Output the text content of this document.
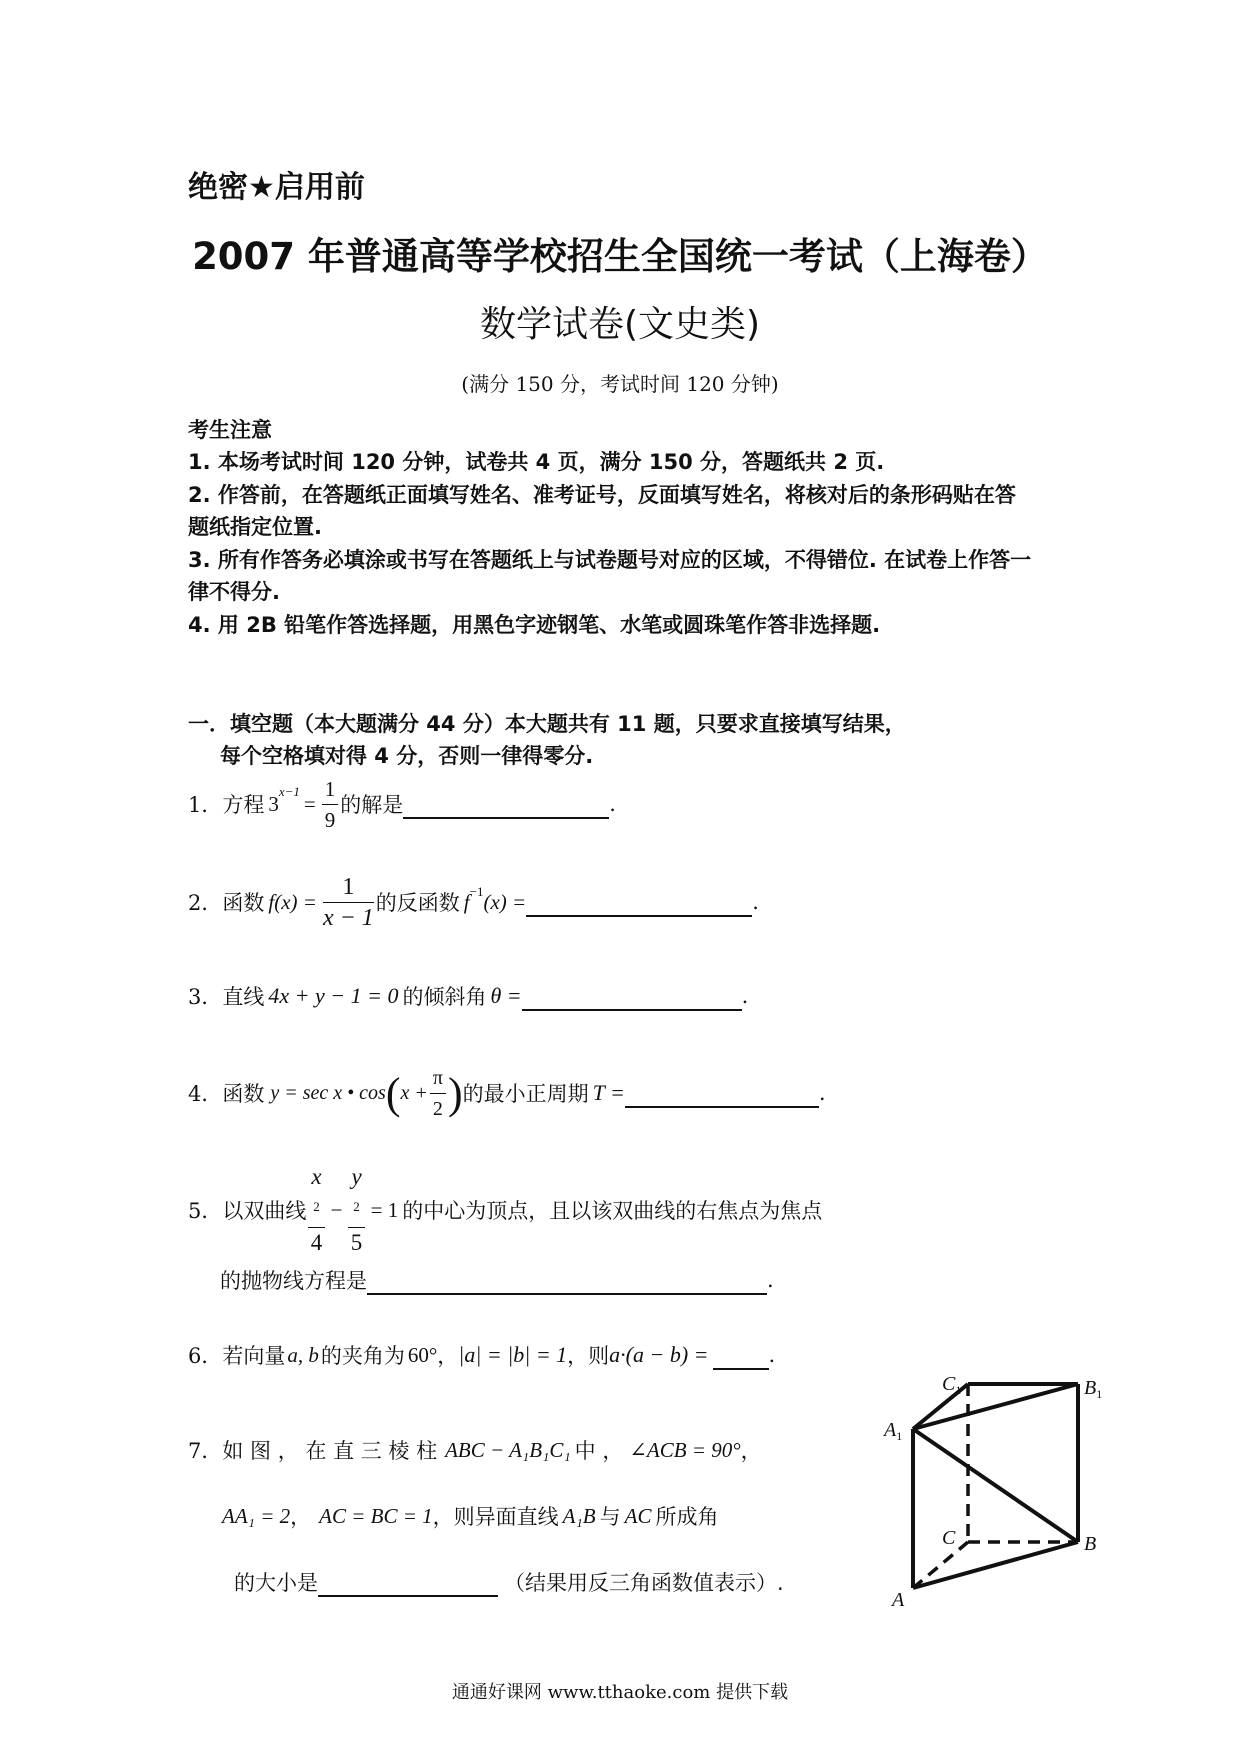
绝密★启用前
2007 年普通高等学校招生全国统一考试（上海卷）
数学试卷(文史类)
(满分 150 分，考试时间 120 分钟)
考生注意
1. 本场考试时间 120 分钟，试卷共 4 页，满分 150 分，答题纸共 2 页.
2. 作答前，在答题纸正面填写姓名、准考证号，反面填写姓名，将核对后的条形码贴在答
题纸指定位置.
3. 所有作答务必填涂或书写在答题纸上与试卷题号对应的区域，不得错位. 在试卷上作答一
律不得分.
4. 用 2B 铅笔作答选择题，用黑色字迹钢笔、水笔或圆珠笔作答非选择题.
一．填空题（本大题满分 44 分）本大题共有 11 题，只要求直接填写结果，
每个空格填对得 4 分，否则一律得零分.
1． 方程 $3^{x-1} = \frac{1}{9}$ 的解是	.
2． 函数 $f(x) = \frac{1}{x - 1}$ 的反函数 $f^{-1}$ (x) =	.
3． 直线 4x + y − 1 = 0 的倾斜角 θ =	.
4． 函数 y = sec x • cos ( $x + \frac{\pi}{2}$ ) 的最小正周期 T =	.
5． 以双曲线 x
$^2$
4 − y
$^2$
5 = 1 的中心为顶点，且以该双曲线的右焦点为焦点
的抛物线方程是	.
6． 若向量 a, b 的夹角为 60° ， |a| = |b| = 1 ，则 a·(a − b) =	.
7． 如 图 ， 在 直 三 棱 柱 ABC − A₁B₁C₁ 中 ， ∠ACB = 90° ，
AA₁ = 2 ， AC = BC = 1 ，则异面直线 A₁B 与 AC 所成角
的大小是	（结果用反三角函数值表示）.
$C_1$	$B_1$
$A_1$
C	B
A
通通好课网 www.tthaoke.com 提供下载
